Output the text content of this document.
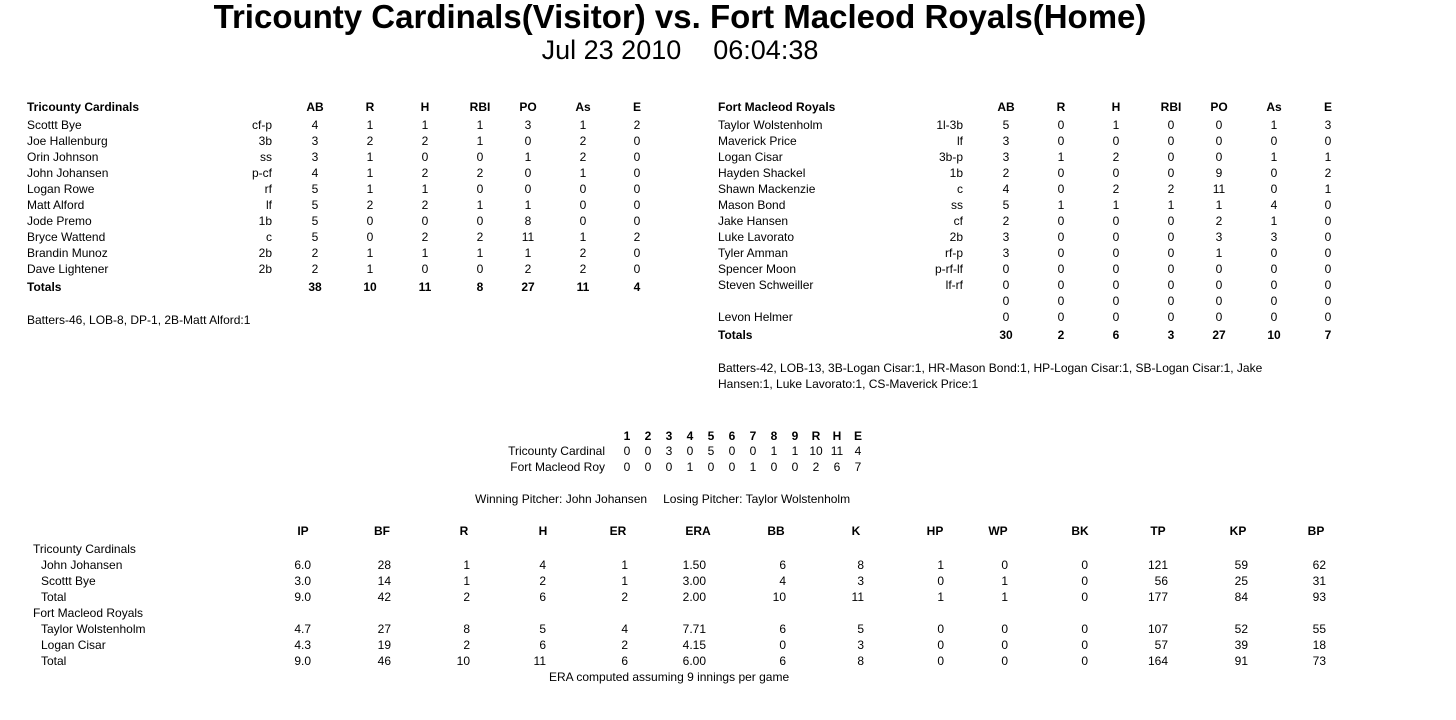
Tricounty Cardinals(Visitor) vs. Fort Macleod Royals(Home)
Jul 23 2010 06:04:38
Tricounty Cardinals	AB	R	H	RBI	PO	As	E
Scottt Bye	cf-p	4	1	1	1	3	1	2
Joe Hallenburg	3b	3	2	2	1	0	2	0
Orin Johnson	ss	3	1	0	0	1	2	0
John Johansen	p-cf	4	1	2	2	0	1	0
Logan Rowe	rf	5	1	1	0	0	0	0
Matt Alford	lf	5	2	2	1	1	0	0
Jode Premo	1b	5	0	0	0	8	0	0
Bryce Wattend	c	5	0	2	2	11	1	2
Brandin Munoz	2b	2	1	1	1	1	2	0
Dave Lightener	2b	2	1	0	0	2	2	0
Totals	38	10	11	8	27	11	4
Batters-46, LOB-8, DP-1, 2B-Matt Alford:1
Fort Macleod Royals	AB	R	H	RBI	PO	As	E
Taylor Wolstenholm	1l-3b	5	0	1	0	0	1	3
Maverick Price	lf	3	0	0	0	0	0	0
Logan Cisar	3b-p	3	1	2	0	0	1	1
Hayden Shackel	1b	2	0	0	0	9	0	2
Shawn Mackenzie	c	4	0	2	2	11	0	1
Mason Bond	ss	5	1	1	1	1	4	0
Jake Hansen	cf	2	0	0	0	2	1	0
Luke Lavorato	2b	3	0	0	0	3	3	0
Tyler Amman	rf-p	3	0	0	0	1	0	0
Spencer Moon	p-rf-lf	0	0	0	0	0	0	0
Steven Schweiller	lf-rf	0	0	0	0	0	0	0
0	0	0	0	0	0	0
Levon Helmer	0	0	0	0	0	0	0
Totals	30	2	6	3	27	10	7
Batters-42, LOB-13, 3B-Logan Cisar:1, HR-Mason Bond:1, HP-Logan Cisar:1, SB-Logan Cisar:1, Jake
Hansen:1, Luke Lavorato:1, CS-Maverick Price:1
1	2	3	4	5	6	7	8	9	R	H	E
Tricounty Cardinal	0	0	3	0	5	0	0	1	1 10 11 4
Fort Macleod Roy	0	0	0	1	0	0	1	0	0	2	6	7
Winning Pitcher: John Johansen Losing Pitcher: Taylor Wolstenholm
IP	BF	R	H	ER	ERA	BB	K	HP	WP	BK	TP	KP	BP
Tricounty Cardinals
John Johansen	6.0	28	1	4	1	1.50	6	8	1	0	0	121	59	62
Scottt Bye	3.0	14	1	2	1	3.00	4	3	0	1	0	56	25	31
Total	9.0	42	2	6	2	2.00	10	11	1	1	0	177	84	93
Fort Macleod Royals
Taylor Wolstenholm	4.7	27	8	5	4	7.71	6	5	0	0	0	107	52	55
Logan Cisar	4.3	19	2	6	2	4.15	0	3	0	0	0	57	39	18
Total	9.0	46	10	11	6	6.00	6	8	0	0	0	164	91	73
ERA computed assuming 9 innings per game
